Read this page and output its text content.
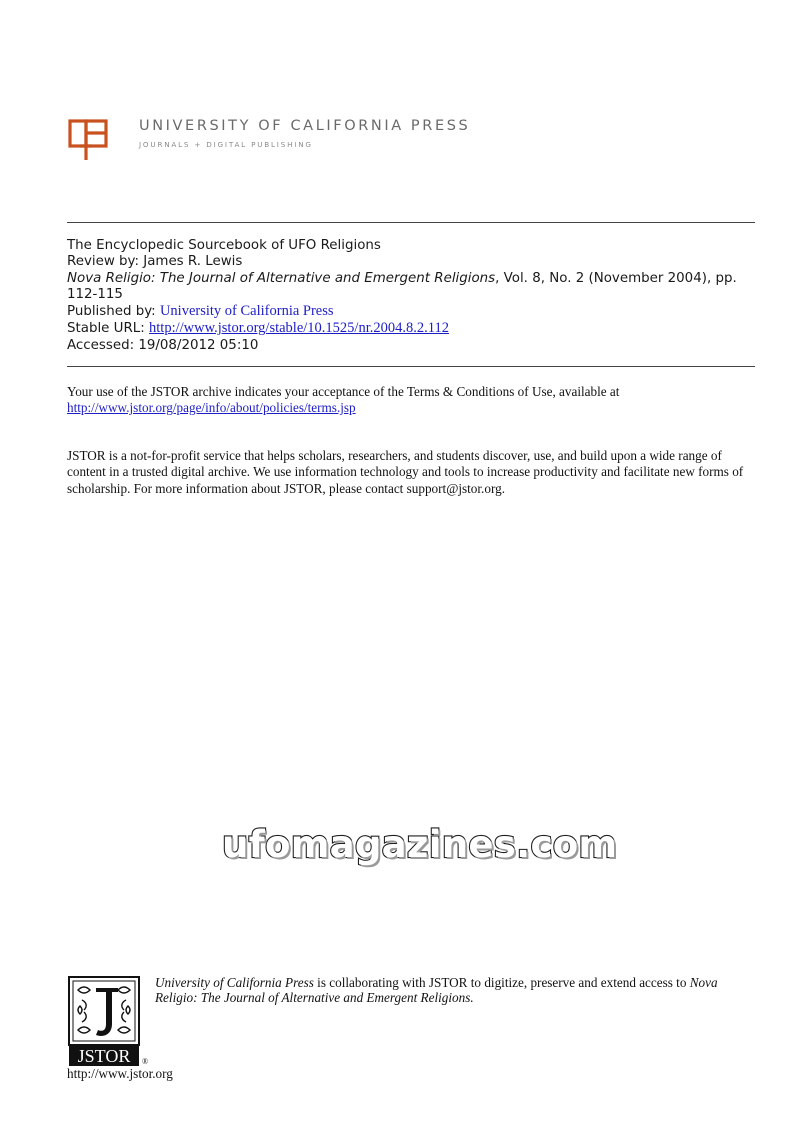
UNIVERSITY OF CALIFORNIA PRESS
JOURNALS + DIGITAL PUBLISHING
The Encyclopedic Sourcebook of UFO Religions
Review by: James R. Lewis
Nova Religio: The Journal of Alternative and Emergent Religions, Vol. 8, No. 2 (November 2004), pp. 112-115
Published by: University of California Press
Stable URL: http://www.jstor.org/stable/10.1525/nr.2004.8.2.112
Accessed: 19/08/2012 05:10
Your use of the JSTOR archive indicates your acceptance of the Terms & Conditions of Use, available at
http://www.jstor.org/page/info/about/policies/terms.jsp
JSTOR is a not-for-profit service that helps scholars, researchers, and students discover, use, and build upon a wide range of content in a trusted digital archive. We use information technology and tools to increase productivity and facilitate new forms of scholarship. For more information about JSTOR, please contact support@jstor.org.
ufomagazines.com
JSTOR ®
University of California Press is collaborating with JSTOR to digitize, preserve and extend access to Nova Religio: The Journal of Alternative and Emergent Religions.
http://www.jstor.org
